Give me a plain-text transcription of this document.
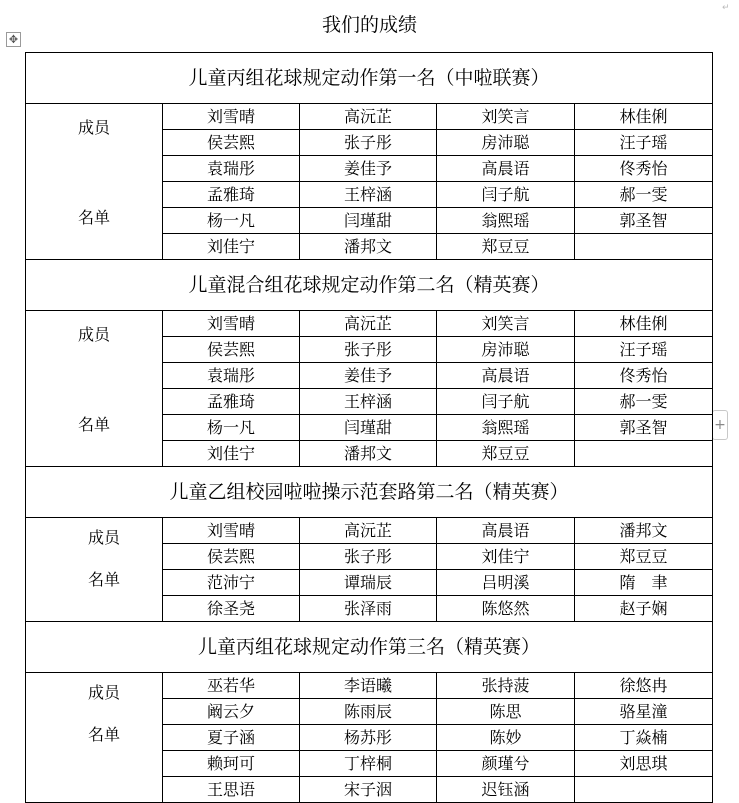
↵
我们的成绩
✥
+
儿童丙组花球规定动作第一名（中啦联赛）				

成员
名单	刘雪晴	高沅芷	刘笑言	林佳俐
	侯芸熙	张子彤	房沛聪	汪子瑶
	袁瑞彤	姜佳予	高晨语	佟秀怡
	孟雅琦	王梓涵	闫子航	郝一雯
	杨一凡	闫瑾甜	翁熙瑶	郭圣智
	刘佳宁	潘邦文	郑豆豆	
儿童混合组花球规定动作第二名（精英赛）				

成员
名单	刘雪晴	高沅芷	刘笑言	林佳俐
	侯芸熙	张子彤	房沛聪	汪子瑶
	袁瑞彤	姜佳予	高晨语	佟秀怡
	孟雅琦	王梓涵	闫子航	郝一雯
	杨一凡	闫瑾甜	翁熙瑶	郭圣智
	刘佳宁	潘邦文	郑豆豆	
儿童乙组校园啦啦操示范套路第二名（精英赛）				

成员
名单	刘雪晴	高沅芷	高晨语	潘邦文
	侯芸熙	张子彤	刘佳宁	郑豆豆
	范沛宁	谭瑞辰	吕明溪	隋　聿
	徐圣尧	张泽雨	陈悠然	赵子娴
儿童丙组花球规定动作第三名（精英赛）				

成员
名单	巫若华	李语曦	张持菠	徐悠冉
	阚云夕	陈雨辰	陈思	骆星潼
	夏子涵	杨苏彤	陈妙	丁焱楠
	赖珂可	丁梓桐	颜瑾兮	刘思琪
	王思语	宋子洇	迟钰涵	
